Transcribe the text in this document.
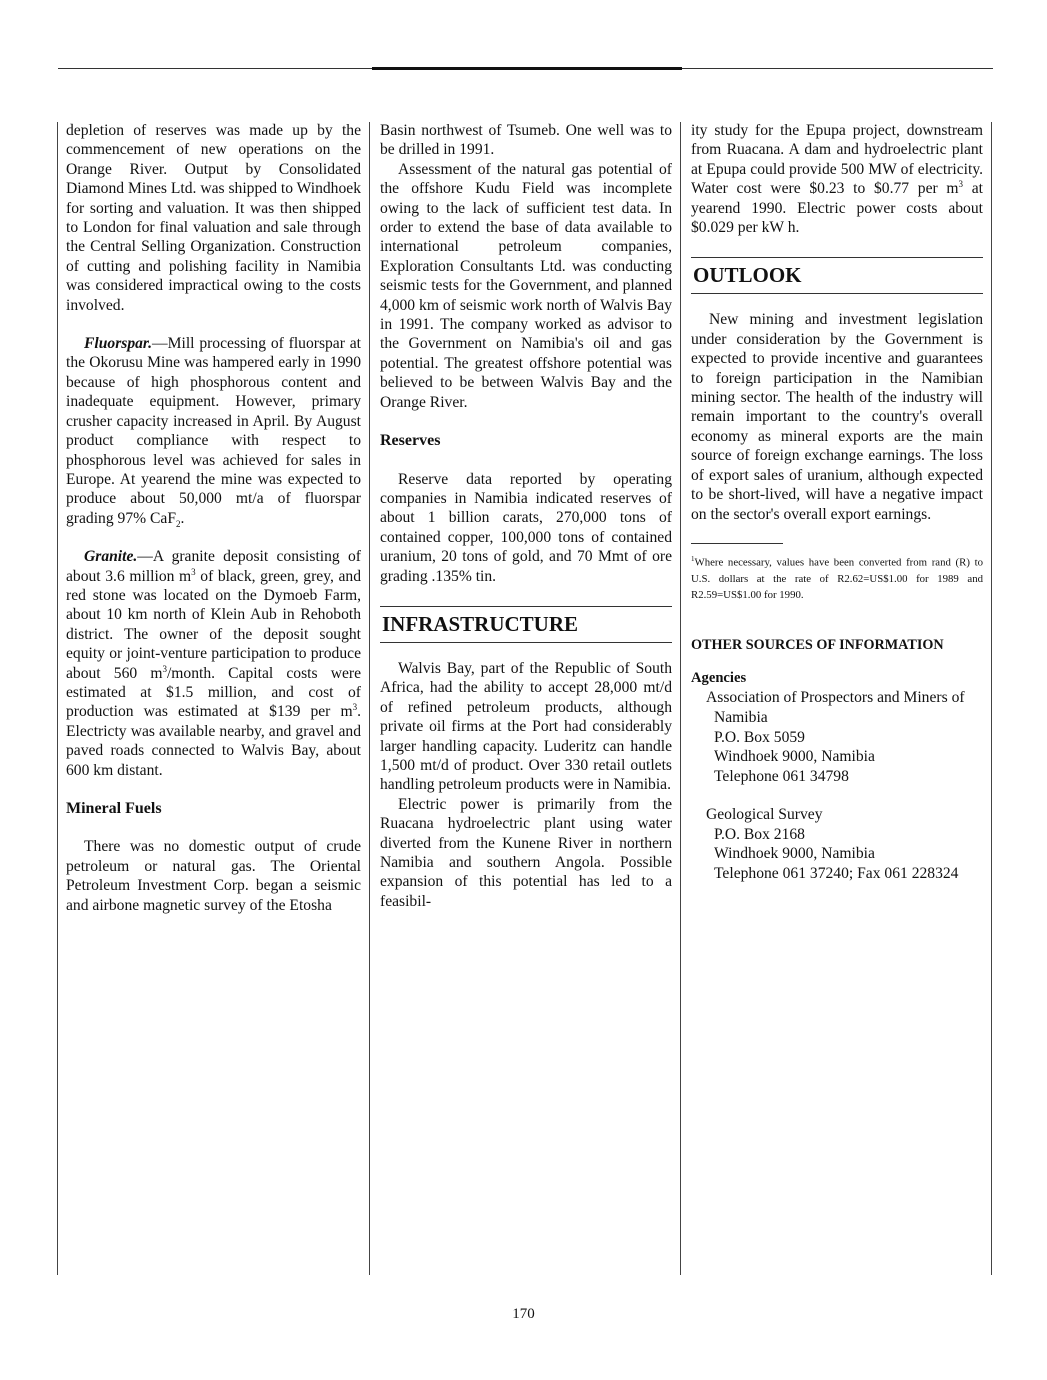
depletion of reserves was made up by the commencement of new operations on the Orange River. Output by Consolidated Diamond Mines Ltd. was shipped to Windhoek for sorting and valuation. It was then shipped to London for final valuation and sale through the Central Selling Organization. Construction of cutting and polishing facility in Namibia was considered impractical owing to the costs involved.

Fluorspar.—Mill processing of fluorspar at the Okorusu Mine was hampered early in 1990 because of high phosphorous content and inadequate equipment. However, primary crusher capacity increased in April. By August product compliance with respect to phosphorous level was achieved for sales in Europe. At yearend the mine was expected to produce about 50,000 mt/a of fluorspar grading 97% CaF$_2$.

Granite.—A granite deposit consisting of about 3.6 million $m^3$ of black, green, grey, and red stone was located on the Dymoeb Farm, about 10 km north of Klein Aub in Rehoboth district. The owner of the deposit sought equity or joint-venture participation to produce about 560 $m^3$/month. Capital costs were estimated at $1.5 million, and cost of production was estimated at $139 per $m^3$. Electricty was available nearby, and gravel and paved roads connected to Walvis Bay, about 600 km distant.

Mineral Fuels

There was no domestic output of crude petroleum or natural gas. The Oriental Petroleum Investment Corp. began a seismic and airbone magnetic survey of the Etosha

Basin northwest of Tsumeb. One well was to be drilled in 1991.

Assessment of the natural gas potential of the offshore Kudu Field was incomplete owing to the lack of sufficient test data. In order to extend the base of data available to international petroleum companies, Exploration Consultants Ltd. was conducting seismic tests for the Government, and planned 4,000 km of seismic work north of Walvis Bay in 1991. The company worked as advisor to the Government on Namibia's oil and gas potential. The greatest offshore potential was believed to be between Walvis Bay and the Orange River.

Reserves

Reserve data reported by operating companies in Namibia indicated reserves of about 1 billion carats, 270,000 tons of contained copper, 100,000 tons of contained uranium, 20 tons of gold, and 70 Mmt of ore grading .135% tin.

INFRASTRUCTURE

Walvis Bay, part of the Republic of South Africa, had the ability to accept 28,000 mt/d of refined petroleum products, although private oil firms at the Port had considerably larger handling capacity. Luderitz can handle 1,500 mt/d of product. Over 330 retail outlets handling petroleum products were in Namibia.

Electric power is primarily from the Ruacana hydroelectric plant using water diverted from the Kunene River in northern Namibia and southern Angola. Possible expansion of this potential has led to a feasibil-

ity study for the Epupa project, downstream from Ruacana. A dam and hydroelectric plant at Epupa could provide 500 MW of electricity. Water cost were $0.23 to $0.77 per $m^3$ at yearend 1990. Electric power costs about $0.029 per kW h.

OUTLOOK

New mining and investment legislation under consideration by the Government is expected to provide incentive and guarantees to foreign participation in the Namibian mining sector. The health of the industry will remain important to the country's overall economy as mineral exports are the main source of foreign exchange earnings. The loss of export sales of uranium, although expected to be short-lived, will have a negative impact on the sector's overall export earnings.

$^1$Where necessary, values have been converted from rand (R) to U.S. dollars at the rate of R2.62=US$1.00 for 1989 and R2.59=US$1.00 for 1990.

OTHER SOURCES OF INFORMATION

Agencies

Association of Prospectors and Miners of

Namibia

P.O. Box 5059

Windhoek 9000, Namibia

Telephone 061 34798

Geological Survey

P.O. Box 2168

Windhoek 9000, Namibia

Telephone 061 37240; Fax 061 228324

170
